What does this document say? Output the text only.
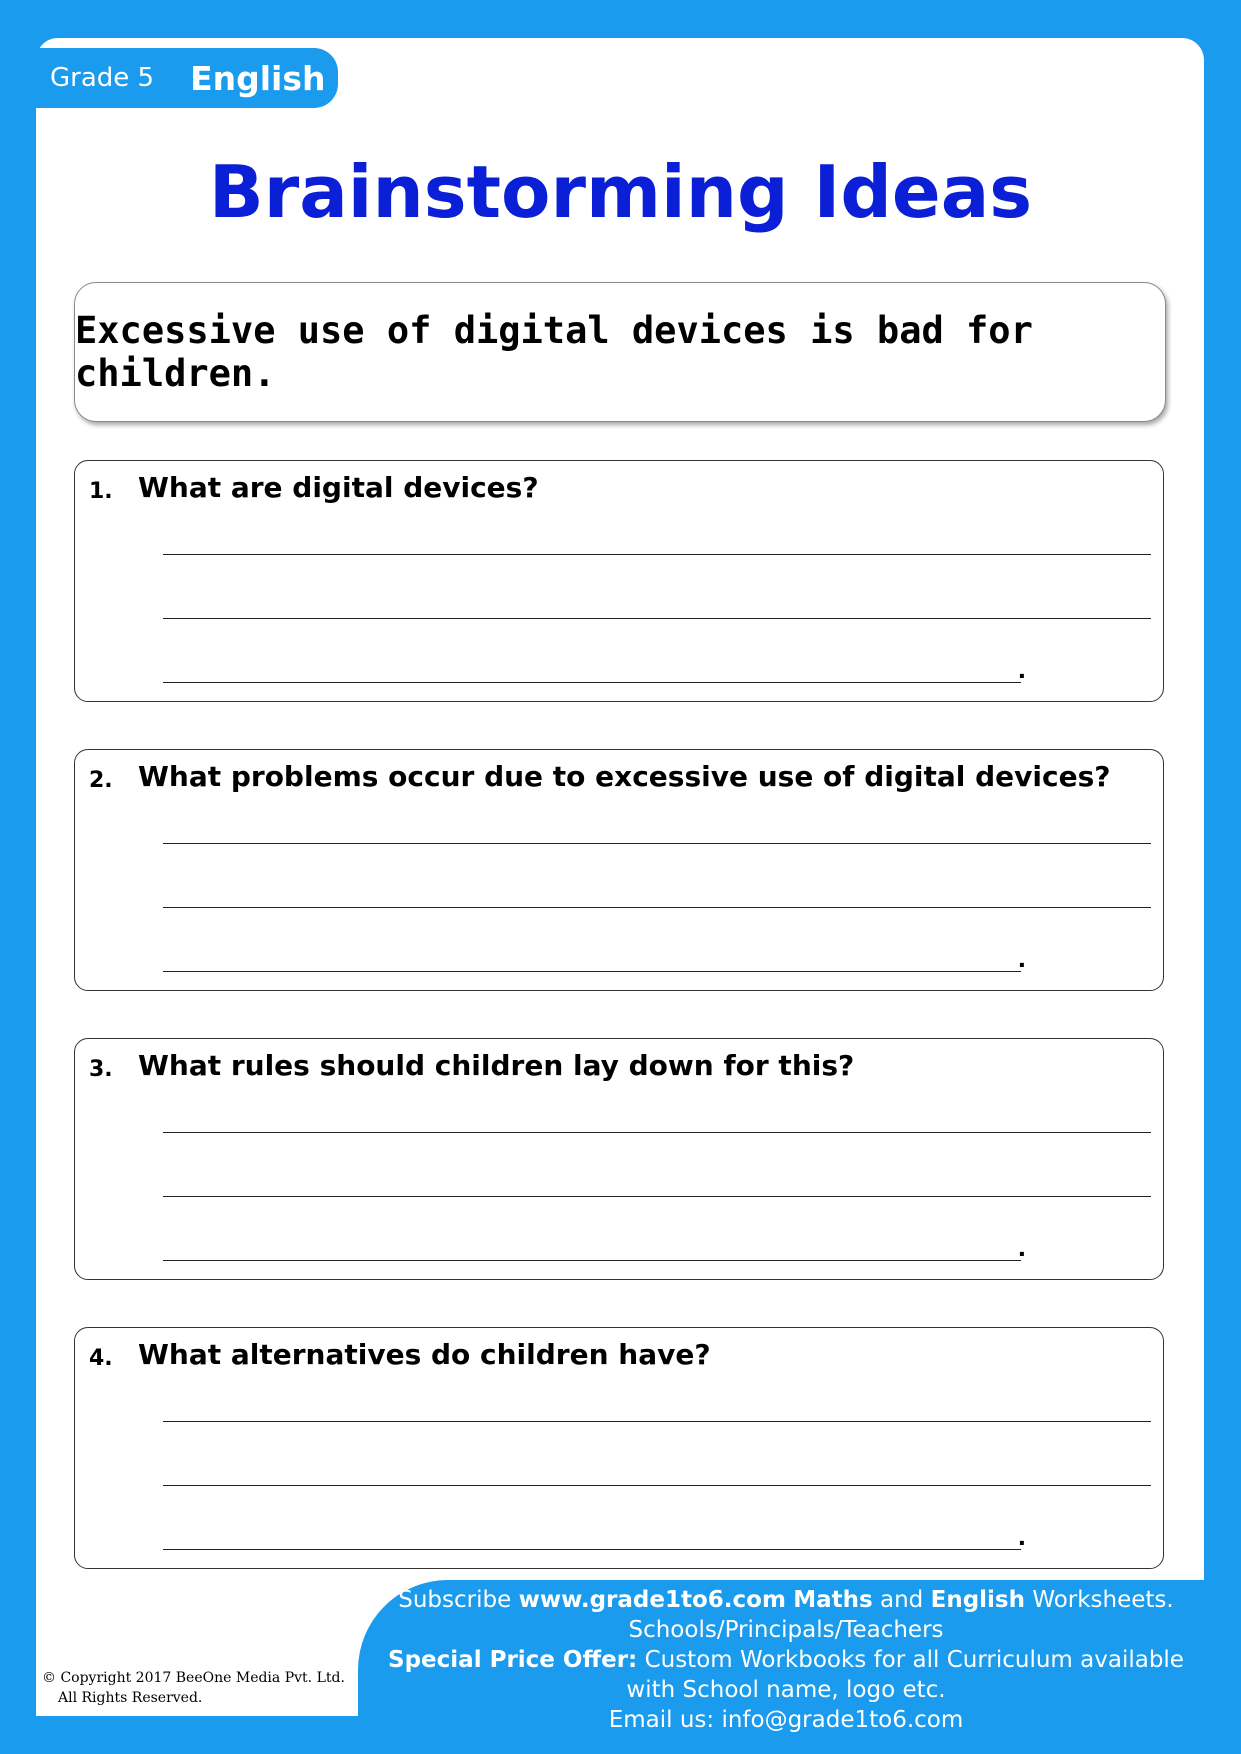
Grade 5 English
Brainstorming Ideas
Excessive use of digital devices is bad for children.
1. What are digital devices?
.
2. What problems occur due to excessive use of digital devices?
.
3. What rules should children lay down for this?
.
4. What alternatives do children have?
.
Subscribe www.grade1to6.com Maths and English Worksheets.
Schools/Principals/Teachers
Special Price Offer: Custom Workbooks for all Curriculum available
with School name, logo etc.
Email us: info@grade1to6.com
© Copyright 2017 BeeOne Media Pvt. Ltd.
All Rights Reserved.
